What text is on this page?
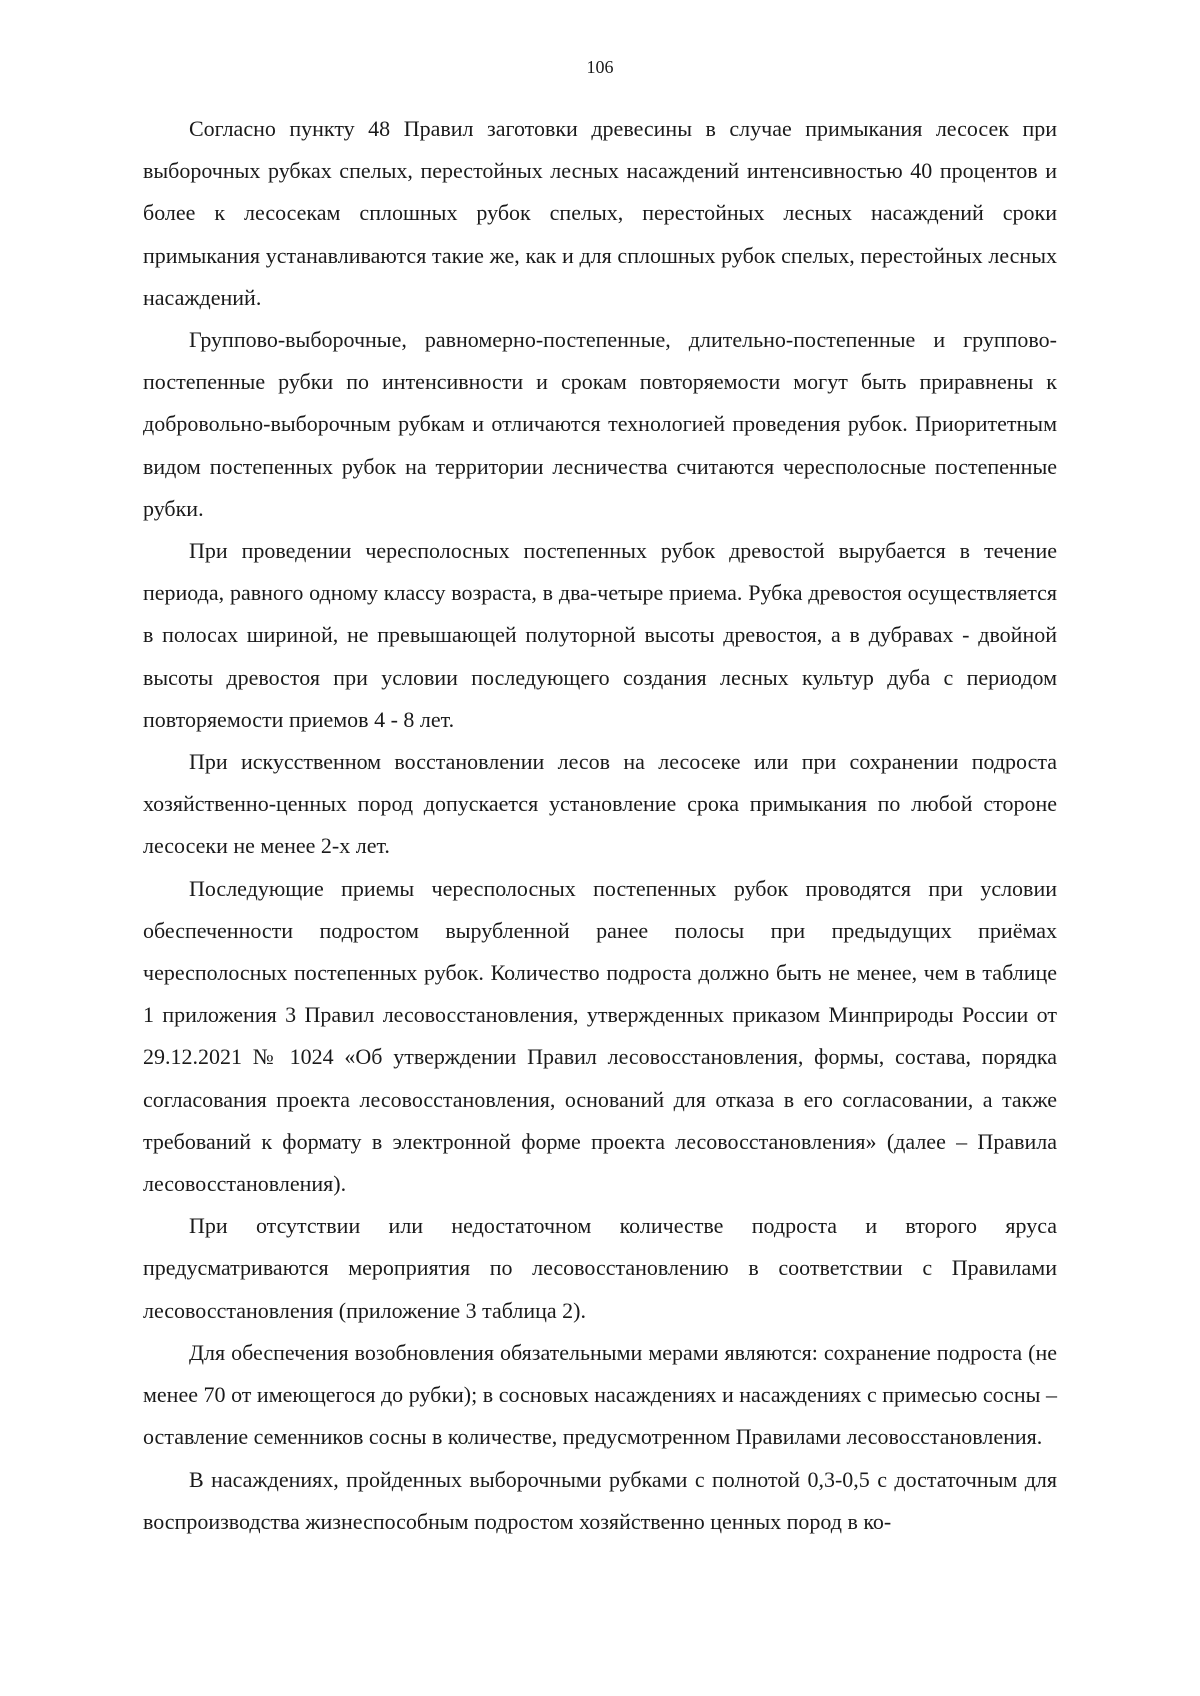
106

Согласно пункту 48 Правил заготовки древесины в случае примыкания лесосек при выборочных рубках спелых, перестойных лесных насаждений интенсивностью 40 процентов и более к лесосекам сплошных рубок спелых, перестойных лесных насаждений сроки примыкания устанавливаются такие же, как и для сплошных рубок спелых, перестойных лесных насаждений.

Группово-выборочные, равномерно-постепенные, длительно-постепенные и группово-постепенные рубки по интенсивности и срокам повторяемости могут быть приравнены к добровольно-выборочным рубкам и отличаются технологией проведения рубок. Приоритетным видом постепенных рубок на территории лесничества считаются чересполосные постепенные рубки.

При проведении чересполосных постепенных рубок древостой вырубается в течение периода, равного одному классу возраста, в два-четыре приема. Рубка древостоя осуществляется в полосах шириной, не превышающей полуторной высоты древостоя, а в дубравах - двойной высоты древостоя при условии последующего создания лесных культур дуба с периодом повторяемости приемов 4 - 8 лет.

При искусственном восстановлении лесов на лесосеке или при сохранении подроста хозяйственно-ценных пород допускается установление срока примыкания по любой стороне лесосеки не менее 2-х лет.

Последующие приемы чересполосных постепенных рубок проводятся при условии обеспеченности подростом вырубленной ранее полосы при предыдущих приёмах чересполосных постепенных рубок. Количество подроста должно быть не менее, чем в таблице 1 приложения 3 Правил лесовосстановления, утвержденных приказом Минприроды России от 29.12.2021 № 1024 «Об утверждении Правил лесовосстановления, формы, состава, порядка согласования проекта лесовосстановления, оснований для отказа в его согласовании, а также требований к формату в электронной форме проекта лесовосстановления» (далее – Правила лесовосстановления).

При отсутствии или недостаточном количестве подроста и второго яруса предусматриваются мероприятия по лесовосстановлению в соответствии с Правилами лесовосстановления (приложение 3 таблица 2).

Для обеспечения возобновления обязательными мерами являются: сохранение подроста (не менее 70 от имеющегося до рубки); в сосновых насаждениях и насаждениях с примесью сосны – оставление семенников сосны в количестве, предусмотренном Правилами лесовосстановления.

В насаждениях, пройденных выборочными рубками с полнотой 0,3-0,5 с достаточным для воспроизводства жизнеспособным подростом хозяйственно ценных пород в ко-
